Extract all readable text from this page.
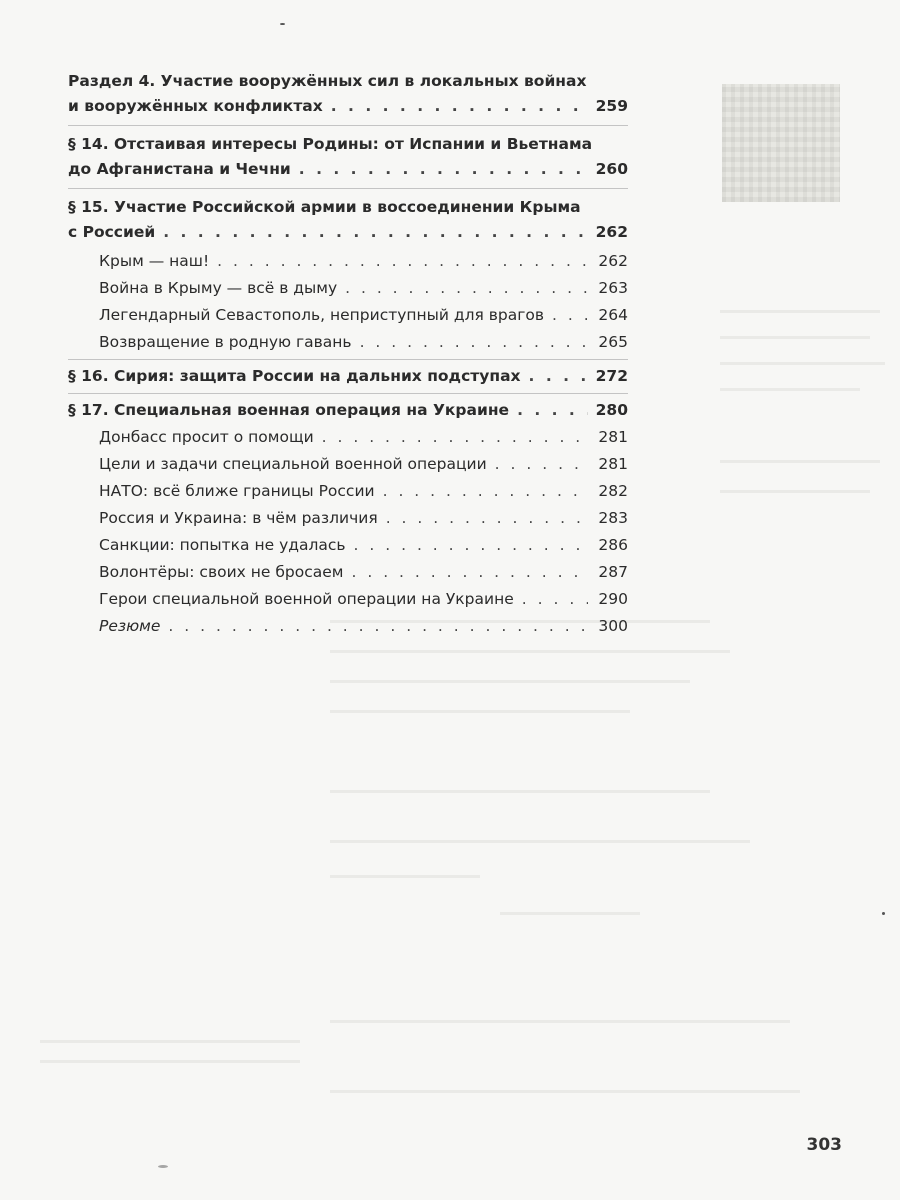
Раздел 4. Участие вооружённых сил в локальных войнах
и вооружённых конфликтах . . .	259
§ 14. Отстаивая интересы Родины: от Испании и Вьетнама
до Афганистана и Чечни . . .	260
§ 15. Участие Российской армии в воссоединении Крыма
с Россией . . .	262
Крым — наш! . . .	262
Война в Крыму — всё в дыму . . .	263
Легендарный Севастополь, неприступный для врагов . . .	264
Возвращение в родную гавань . . .	265
§ 16. Сирия: защита России на дальних подступах . . .	272
§ 17. Специальная военная операция на Украине . . .	280
Донбасс просит о помощи . . .	281
Цели и задачи специальной военной операции . . .	281
НАТО: всё ближе границы России . . .	282
Россия и Украина: в чём различия . . .	283
Санкции: попытка не удалась . . .	286
Волонтёры: своих не бросаем . . .	287
Герои специальной военной операции на Украине . . .	290
Резюме . . .	300
303
